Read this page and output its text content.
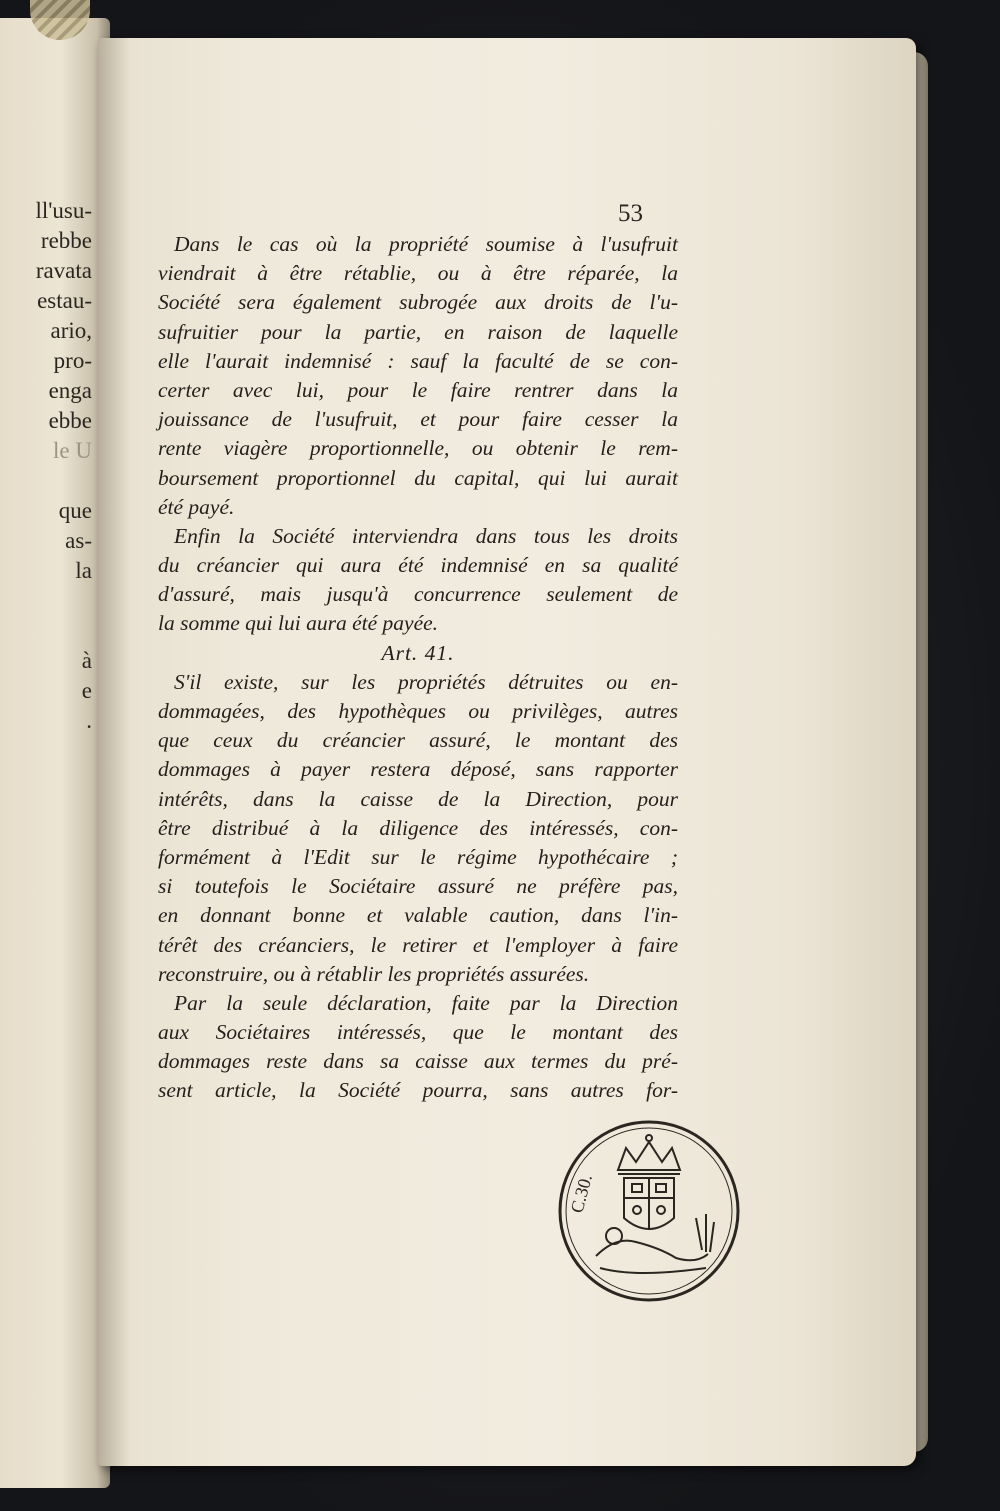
ll'usu-
rebbe
ravata
estau-
ario,
pro-
enga
ebbe
le U
que
as-
la
à
e
.
53
Dans le cas où la propriété soumise à l'usufruit
viendrait à être rétablie, ou à être réparée, la
Société sera également subrogée aux droits de l'u-
sufruitier pour la partie, en raison de laquelle
elle l'aurait indemnisé : sauf la faculté de se con-
certer avec lui, pour le faire rentrer dans la
jouissance de l'usufruit, et pour faire cesser la
rente viagère proportionnelle, ou obtenir le rem-
boursement proportionnel du capital, qui lui aurait
été payé.
Enfin la Société interviendra dans tous les droits
du créancier qui aura été indemnisé en sa qualité
d'assuré, mais jusqu'à concurrence seulement de
la somme qui lui aura été payée.
Art. 41.
S'il existe, sur les propriétés détruites ou en-
dommagées, des hypothèques ou privilèges, autres
que ceux du créancier assuré, le montant des
dommages à payer restera déposé, sans rapporter
intérêts, dans la caisse de la Direction, pour
être distribué à la diligence des intéressés, con-
formément à l'Edit sur le régime hypothécaire ;
si toutefois le Sociétaire assuré ne préfère pas,
en donnant bonne et valable caution, dans l'in-
térêt des créanciers, le retirer et l'employer à faire
reconstruire, ou à rétablir les propriétés assurées.
Par la seule déclaration, faite par la Direction
aux Sociétaires intéressés, que le montant des
dommages reste dans sa caisse aux termes du pré-
sent article, la Société pourra, sans autres for-
C.30.
